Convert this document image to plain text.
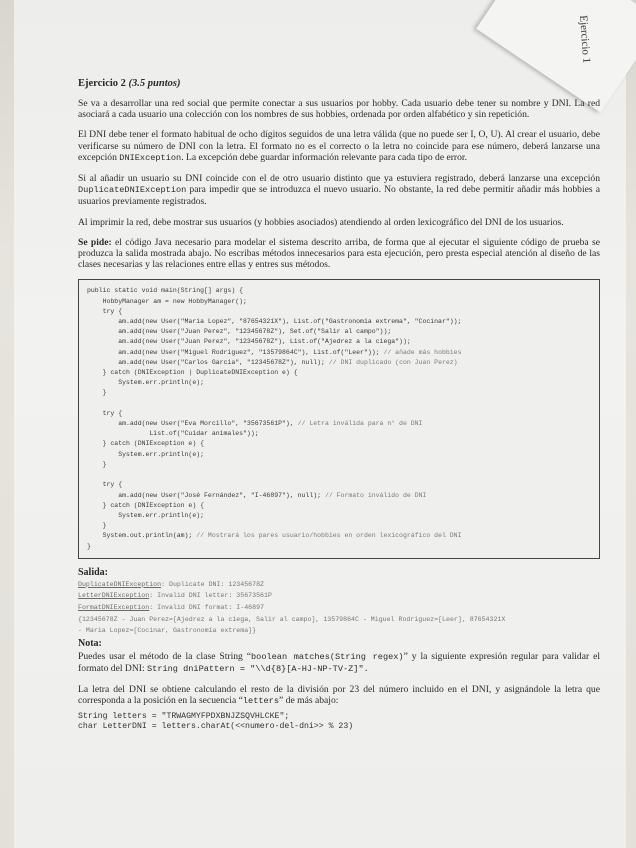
Ejercicio 1
Ejercicio 2 (3.5 puntos)

Se va a desarrollar una red social que permite conectar a sus usuarios por hobby. Cada usuario debe tener su nombre y DNI. La red asociará a cada usuario una colección con los nombres de sus hobbies, ordenada por orden alfabético y sin repetición.

El DNI debe tener el formato habitual de ocho dígitos seguidos de una letra válida (que no puede ser I, O, U). Al crear el usuario, debe verificarse su número de DNI con la letra. El formato no es el correcto o la letra no coincide para ese número, deberá lanzarse una excepción DNIException. La excepción debe guardar información relevante para cada tipo de error.

Si al añadir un usuario su DNI coincide con el de otro usuario distinto que ya estuviera registrado, deberá lanzarse una excepción DuplicateDNIException para impedir que se introduzca el nuevo usuario. No obstante, la red debe permitir añadir más hobbies a usuarios previamente registrados.

Al imprimir la red, debe mostrar sus usuarios (y hobbies asociados) atendiendo al orden lexicográfico del DNI de los usuarios.

Se pide: el código Java necesario para modelar el sistema descrito arriba, de forma que al ejecutar el siguiente código de prueba se produzca la salida mostrada abajo. No escribas métodos innecesarios para esta ejecución, pero presta especial atención al diseño de las clases necesarias y las relaciones entre ellas y entres sus métodos.

public static void main(String[] args) {
HobbyManager am = new HobbyManager();
try {
am.add(new User("Maria Lopez", "87654321X"), List.of("Gastronomía extrema", "Cocinar"));
am.add(new User("Juan Perez", "12345678Z"), Set.of("Salir al campo"));
am.add(new User("Juan Perez", "12345678Z"), List.of("Ajedrez a la ciega"));
am.add(new User("Miguel Rodriguez", "13579864C"), List.of("Leer")); // añade más hobbies
am.add(new User("Carlos Garcia", "12345678Z"), null); // DNI duplicado (con Juan Perez)
} catch (DNIException | DuplicateDNIException e) {
System.err.println(e);
}

try {
am.add(new User("Eva Morcillo", "35673561P"), // Letra inválida para n° de DNI
List.of("Cuidar animales"));
} catch (DNIException e) {
System.err.println(e);
}

try {
am.add(new User("José Fernández", "I-46897"), null); // Formato inválido de DNI
} catch (DNIException e) {
System.err.println(e);
}
System.out.println(am); // Mostrará los pares usuario/hobbies en orden lexicográfico del DNI
}
Salida:
DuplicateDNIException: Duplicate DNI: 12345678Z
LetterDNIException: Invalid DNI letter: 35673561P
FormatDNIException: Invalid DNI format: I-46897
{12345678Z - Juan Perez=[Ajedrez a la ciega, Salir al campo], 13579864C - Miguel Rodriguez=[Leer], 87654321X
- Maria Lopez=[Cocinar, Gastronomía extrema]}
Nota:

Puedes usar el método de la clase String “boolean matches(String regex)” y la siguiente expresión regular para validar el formato del DNI: String dniPattern = "\\d{8}[A-HJ-NP-TV-Z]".

La letra del DNI se obtiene calculando el resto de la división por 23 del número incluido en el DNI, y asignándole la letra que corresponda a la posición en la secuencia “letters” de más abajo:

String letters = "TRWAGMYFPDXBNJZSQVHLCKE";
char LetterDNI = letters.charAt(<<numero-del-dni>> % 23)
